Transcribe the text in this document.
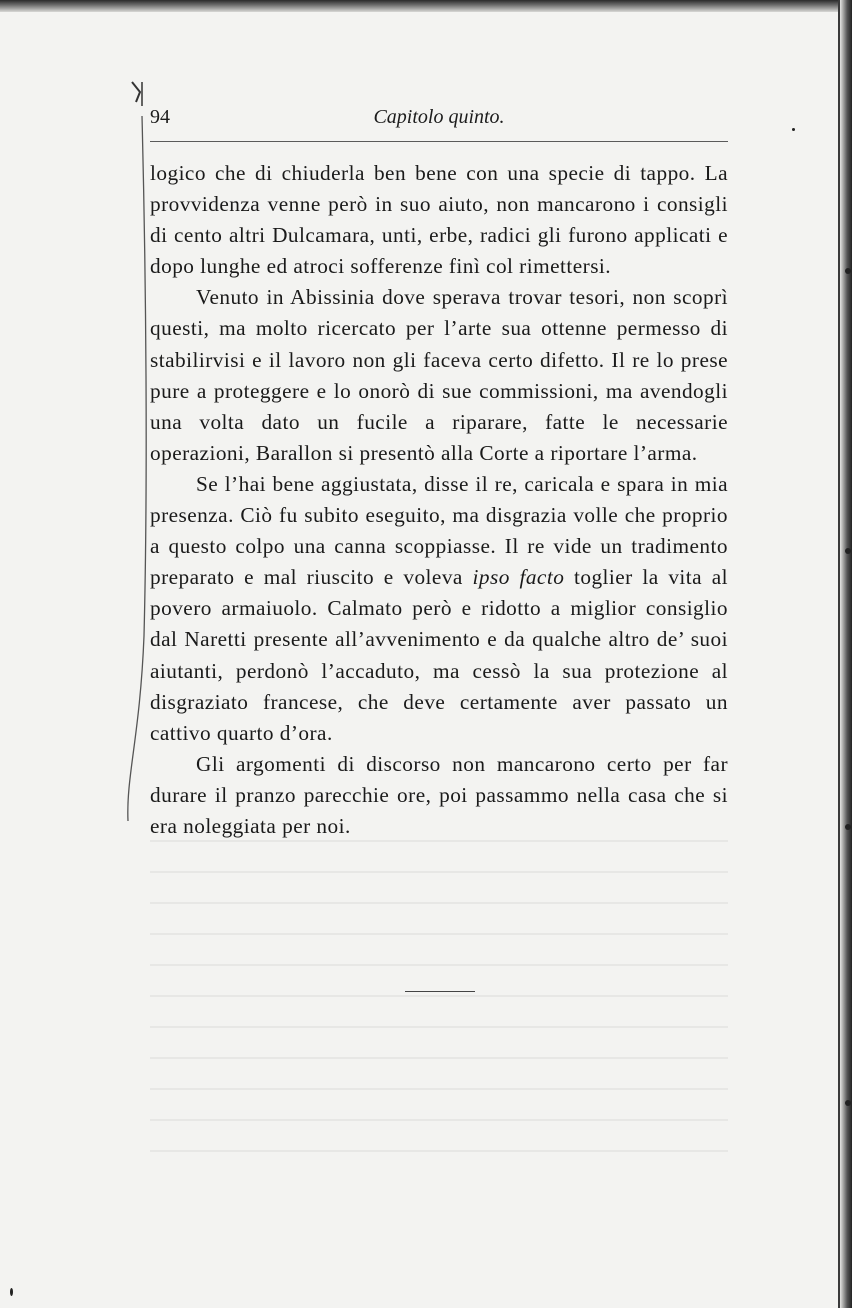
94	Capitolo quinto.

logico che di chiuderla ben bene con una specie di tappo. La provvidenza venne però in suo aiuto, non mancarono i consigli di cento altri Dulcamara, unti, erbe, radici gli furono applicati e dopo lunghe ed atroci sofferenze finì col rimettersi.

Venuto in Abissinia dove sperava trovar tesori, non scoprì questi, ma molto ricercato per l’arte sua ottenne permesso di stabilirvisi e il lavoro non gli faceva certo difetto. Il re lo prese pure a proteggere e lo onorò di sue commissioni, ma avendogli una volta dato un fucile a riparare, fatte le necessarie operazioni, Barallon si presentò alla Corte a riportare l’arma.

Se l’hai bene aggiustata, disse il re, caricala e spara in mia presenza. Ciò fu subito eseguito, ma disgrazia volle che proprio a questo colpo una canna scoppiasse. Il re vide un tradimento preparato e mal riuscito e voleva ipso facto toglier la vita al povero armaiuolo. Calmato però e ridotto a miglior consiglio dal Naretti presente all’avvenimento e da qualche altro de’ suoi aiutanti, perdonò l’accaduto, ma cessò la sua protezione al disgraziato francese, che deve certamente aver passato un cattivo quarto d’ora.

Gli argomenti di discorso non mancarono certo per far durare il pranzo parecchie ore, poi passammo nella casa che si era noleggiata per noi.
